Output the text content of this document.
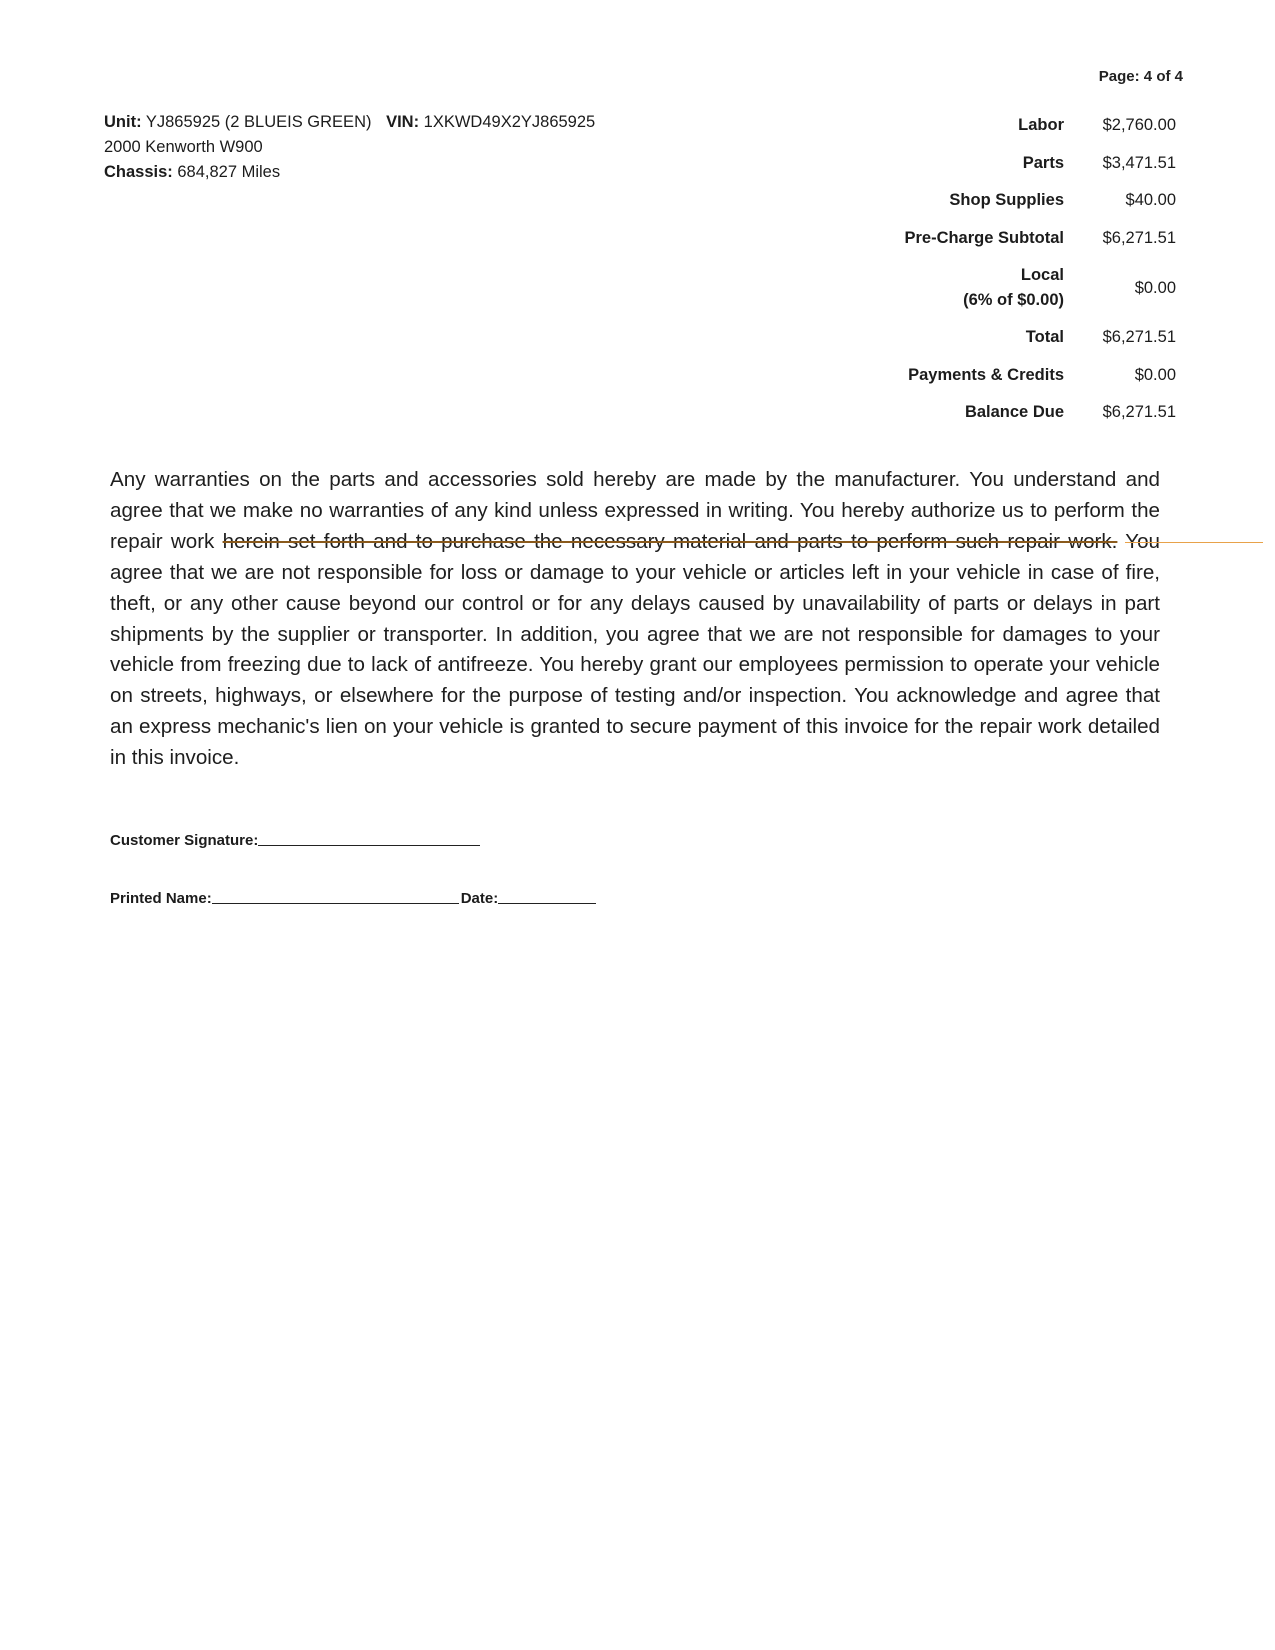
Page: 4 of 4
Unit: YJ865925 (2 BLUEIS GREEN) VIN: 1XKWD49X2YJ865925
2000 Kenworth W900
Chassis: 684,827 Miles
Labor	$2,760.00
Parts	$3,471.51
Shop Supplies	$40.00
Pre-Charge Subtotal	$6,271.51
Local
(6% of $0.00)
$0.00
Total	$6,271.51
Payments & Credits	$0.00
Balance Due	$6,271.51
Any warranties on the parts and accessories sold hereby are made by the manufacturer. You understand and agree that we make no warranties of any kind unless expressed in writing. You hereby authorize us to perform the repair work herein set forth and to purchase the necessary material and parts to perform such repair work. You agree that we are not responsible for loss or damage to your vehicle or articles left in your vehicle in case of fire, theft, or any other cause beyond our control or for any delays caused by unavailability of parts or delays in part shipments by the supplier or transporter. In addition, you agree that we are not responsible for damages to your vehicle from freezing due to lack of antifreeze. You hereby grant our employees permission to operate your vehicle on streets, highways, or elsewhere for the purpose of testing and/or inspection. You acknowledge and agree that an express mechanic's lien on your vehicle is granted to secure payment of this invoice for the repair work detailed in this invoice.
Customer Signature:
Printed Name:	Date:
